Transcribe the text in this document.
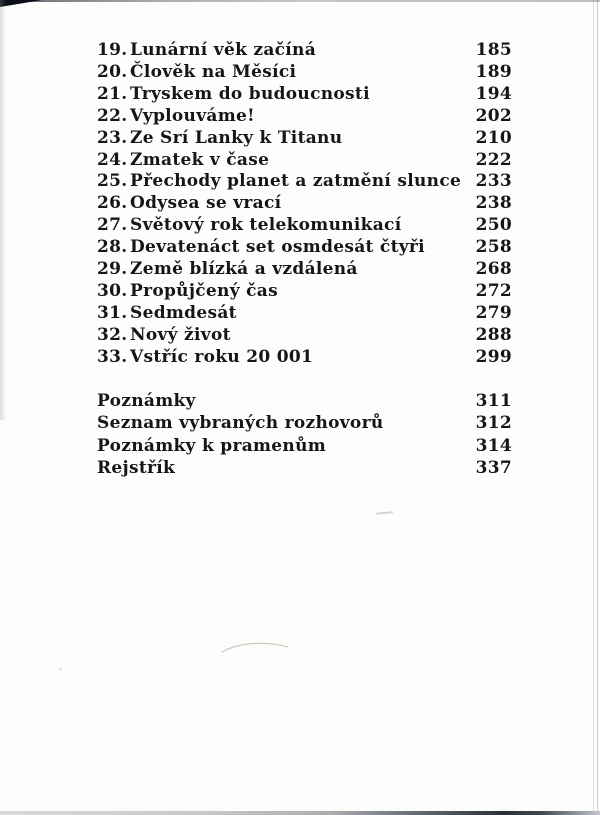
19. Lunární věk začíná	185
20. Člověk na Měsíci	189
21. Tryskem do budoucnosti	194
22. Vyplouváme!	202
23. Ze Srí Lanky k Titanu	210
24. Zmatek v čase	222
25. Přechody planet a zatmění slunce 233
26. Odysea se vrací	238
27. Světový rok telekomunikací	250
28. Devatenáct set osmdesát čtyři	258
29. Země blízká a vzdálená	268
30. Propůjčený čas	272
31. Sedmdesát	279
32. Nový život	288
33. Vstříc roku 20 001	299
Poznámky	311
Seznam vybraných rozhovorů	312
Poznámky k pramenům	314
Rejstřík	337
